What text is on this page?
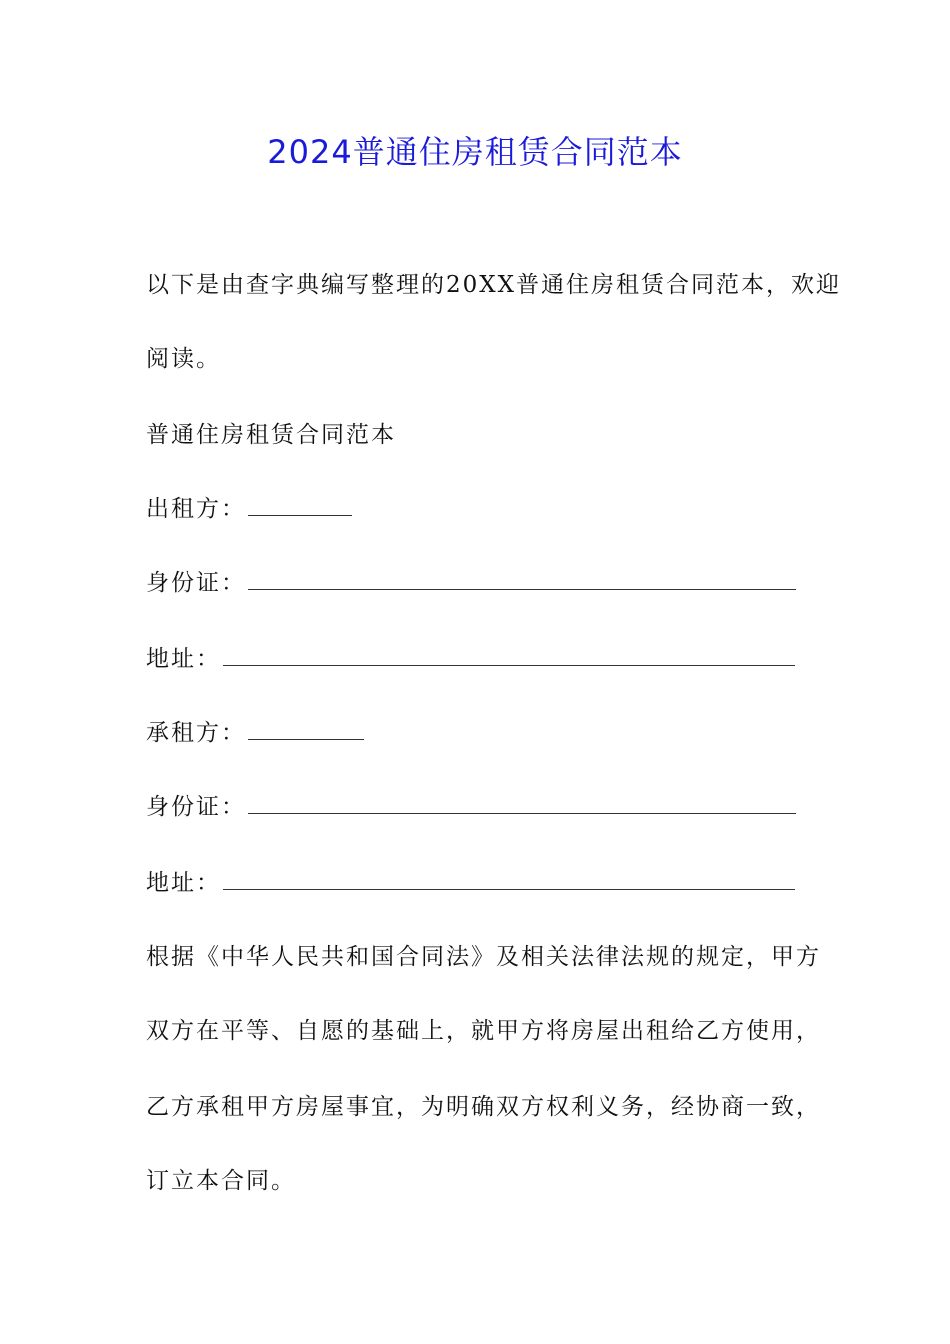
2024普通住房租赁合同范本
以下是由查字典编写整理的20XX普通住房租赁合同范本，欢迎
阅读。
普通住房租赁合同范本
出租方：
身份证：
地址：
承租方：
身份证：
地址：
根据《中华人民共和国合同法》及相关法律法规的规定，甲方
双方在平等、自愿的基础上，就甲方将房屋出租给乙方使用，
乙方承租甲方房屋事宜，为明确双方权利义务，经协商一致，
订立本合同。
